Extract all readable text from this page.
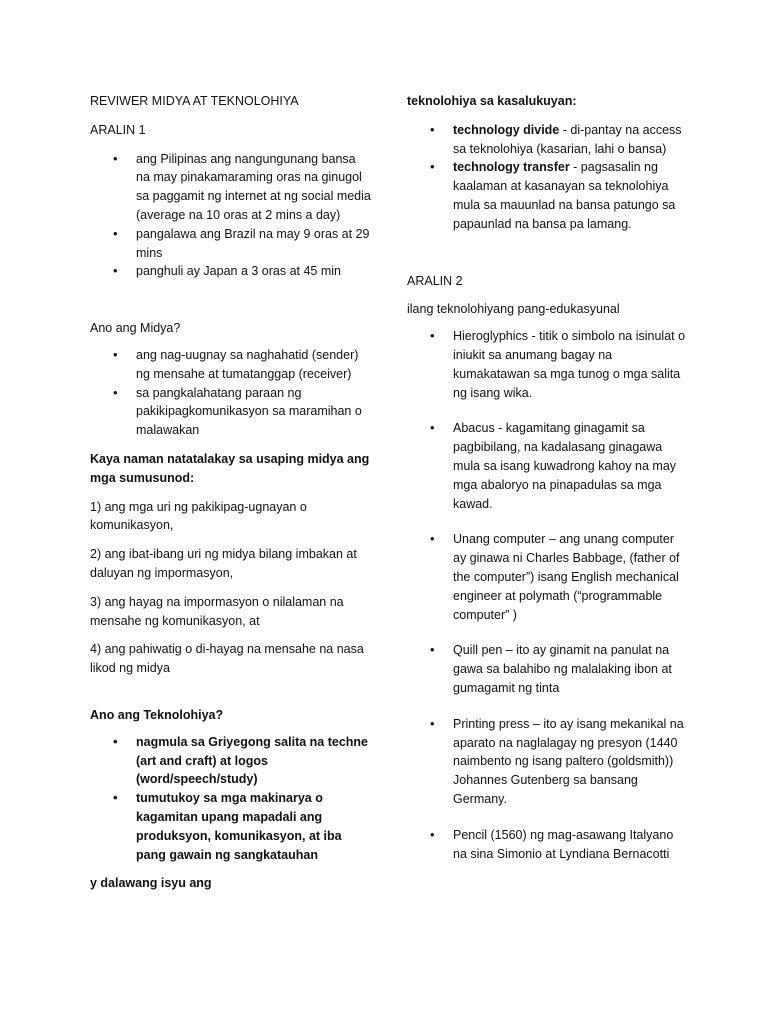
REVIWER MIDYA AT TEKNOLOHIYA

ARALIN 1

• ang Pilipinas ang nangungunang bansa na may pinakamaraming oras na ginugol sa paggamit ng internet at ng social media (average na 10 oras at 2 mins a day)
• pangalawa ang Brazil na may 9 oras at 29 mins
• panghuli ay Japan a 3 oras at 45 min

Ano ang Midya?

• ang nag-uugnay sa naghahatid (sender) ng mensahe at tumatanggap (receiver)
• sa pangkalahatang paraan ng pakikipagkomunikasyon sa maramihan o malawakan

Kaya naman natatalakay sa usaping midya ang mga sumusunod:

1) ang mga uri ng pakikipag-ugnayan o komunikasyon,

2) ang ibat-ibang uri ng midya bilang imbakan at daluyan ng impormasyon,

3) ang hayag na impormasyon o nilalaman na mensahe ng komunikasyon, at

4) ang pahiwatig o di-hayag na mensahe na nasa likod ng midya

Ano ang Teknolohiya?

• nagmula sa Griyegong salita na techne (art and craft) at logos (word/speech/study)
• tumutukoy sa mga makinarya o kagamitan upang mapadali ang produksyon, komunikasyon, at iba pang gawain ng sangkatauhan

y dalawang isyu ang

teknolohiya sa kasalukuyan:

• technology divide - di-pantay na access sa teknolohiya (kasarian, lahi o bansa)
• technology transfer - pagsasalin ng kaalaman at kasanayan sa teknolohiya mula sa mauunlad na bansa patungo sa papaunlad na bansa pa lamang.

ARALIN 2

ilang teknolohiyang pang-edukasyunal

• Hieroglyphics - titik o simbolo na isinulat o iniukit sa anumang bagay na kumakatawan sa mga tunog o mga salita ng isang wika.
• Abacus - kagamitang ginagamit sa pagbibilang, na kadalasang ginagawa mula sa isang kuwadrong kahoy na may mga abaloryo na pinapadulas sa mga kawad.
• Unang computer – ang unang computer ay ginawa ni Charles Babbage, (father of the computer”) isang English mechanical engineer at polymath (“programmable computer” )
• Quill pen – ito ay ginamit na panulat na gawa sa balahibo ng malalaking ibon at gumagamit ng tinta
• Printing press – ito ay isang mekanikal na aparato na naglalagay ng presyon (1440 naimbento ng isang paltero (goldsmith)) Johannes Gutenberg sa bansang Germany.
• Pencil (1560) ng mag-asawang Italyano na sina Simonio at Lyndiana Bernacotti
